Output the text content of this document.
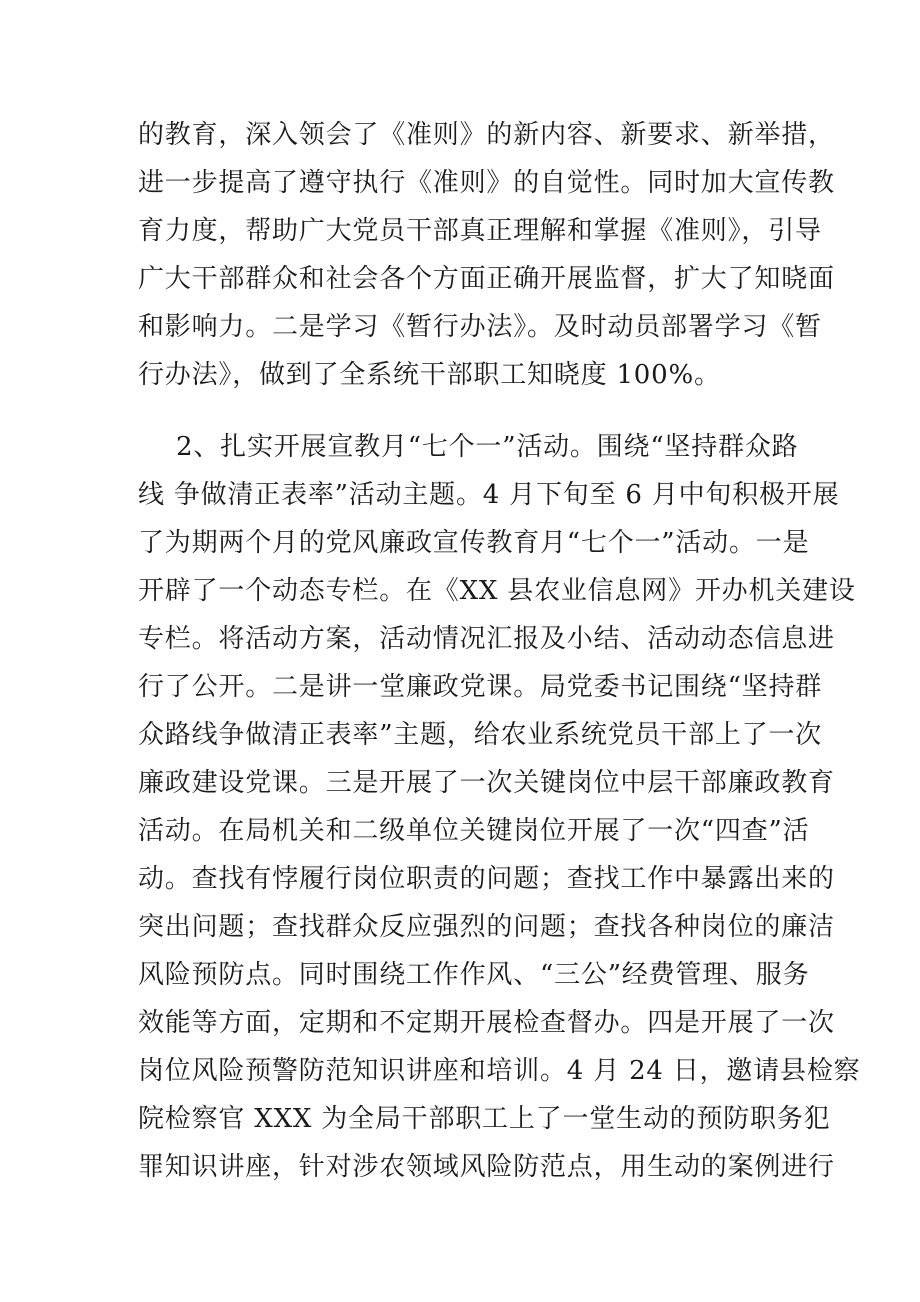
的教育，深入领会了《准则》的新内容、新要求、新举措，
进一步提高了遵守执行《准则》的自觉性。同时加大宣传教
育力度，帮助广大党员干部真正理解和掌握《准则》，引导
广大干部群众和社会各个方面正确开展监督，扩大了知晓面
和影响力。二是学习《暂行办法》。及时动员部署学习《暂
行办法》，做到了全系统干部职工知晓度 100%。
2、扎实开展宣教月“七个一”活动。围绕“坚持群众路
线 争做清正表率”活动主题。4 月下旬至 6 月中旬积极开展
了为期两个月的党风廉政宣传教育月“七个一”活动。一是
开辟了一个动态专栏。在《XX 县农业信息网》开办机关建设
专栏。将活动方案，活动情况汇报及小结、活动动态信息进
行了公开。二是讲一堂廉政党课。局党委书记围绕“坚持群
众路线争做清正表率”主题，给农业系统党员干部上了一次
廉政建设党课。三是开展了一次关键岗位中层干部廉政教育
活动。在局机关和二级单位关键岗位开展了一次“四查”活
动。查找有悖履行岗位职责的问题；查找工作中暴露出来的
突出问题；查找群众反应强烈的问题；查找各种岗位的廉洁
风险预防点。同时围绕工作作风、“三公”经费管理、服务
效能等方面，定期和不定期开展检查督办。四是开展了一次
岗位风险预警防范知识讲座和培训。4 月 24 日，邀请县检察
院检察官 XXX 为全局干部职工上了一堂生动的预防职务犯
罪知识讲座，针对涉农领域风险防范点，用生动的案例进行
